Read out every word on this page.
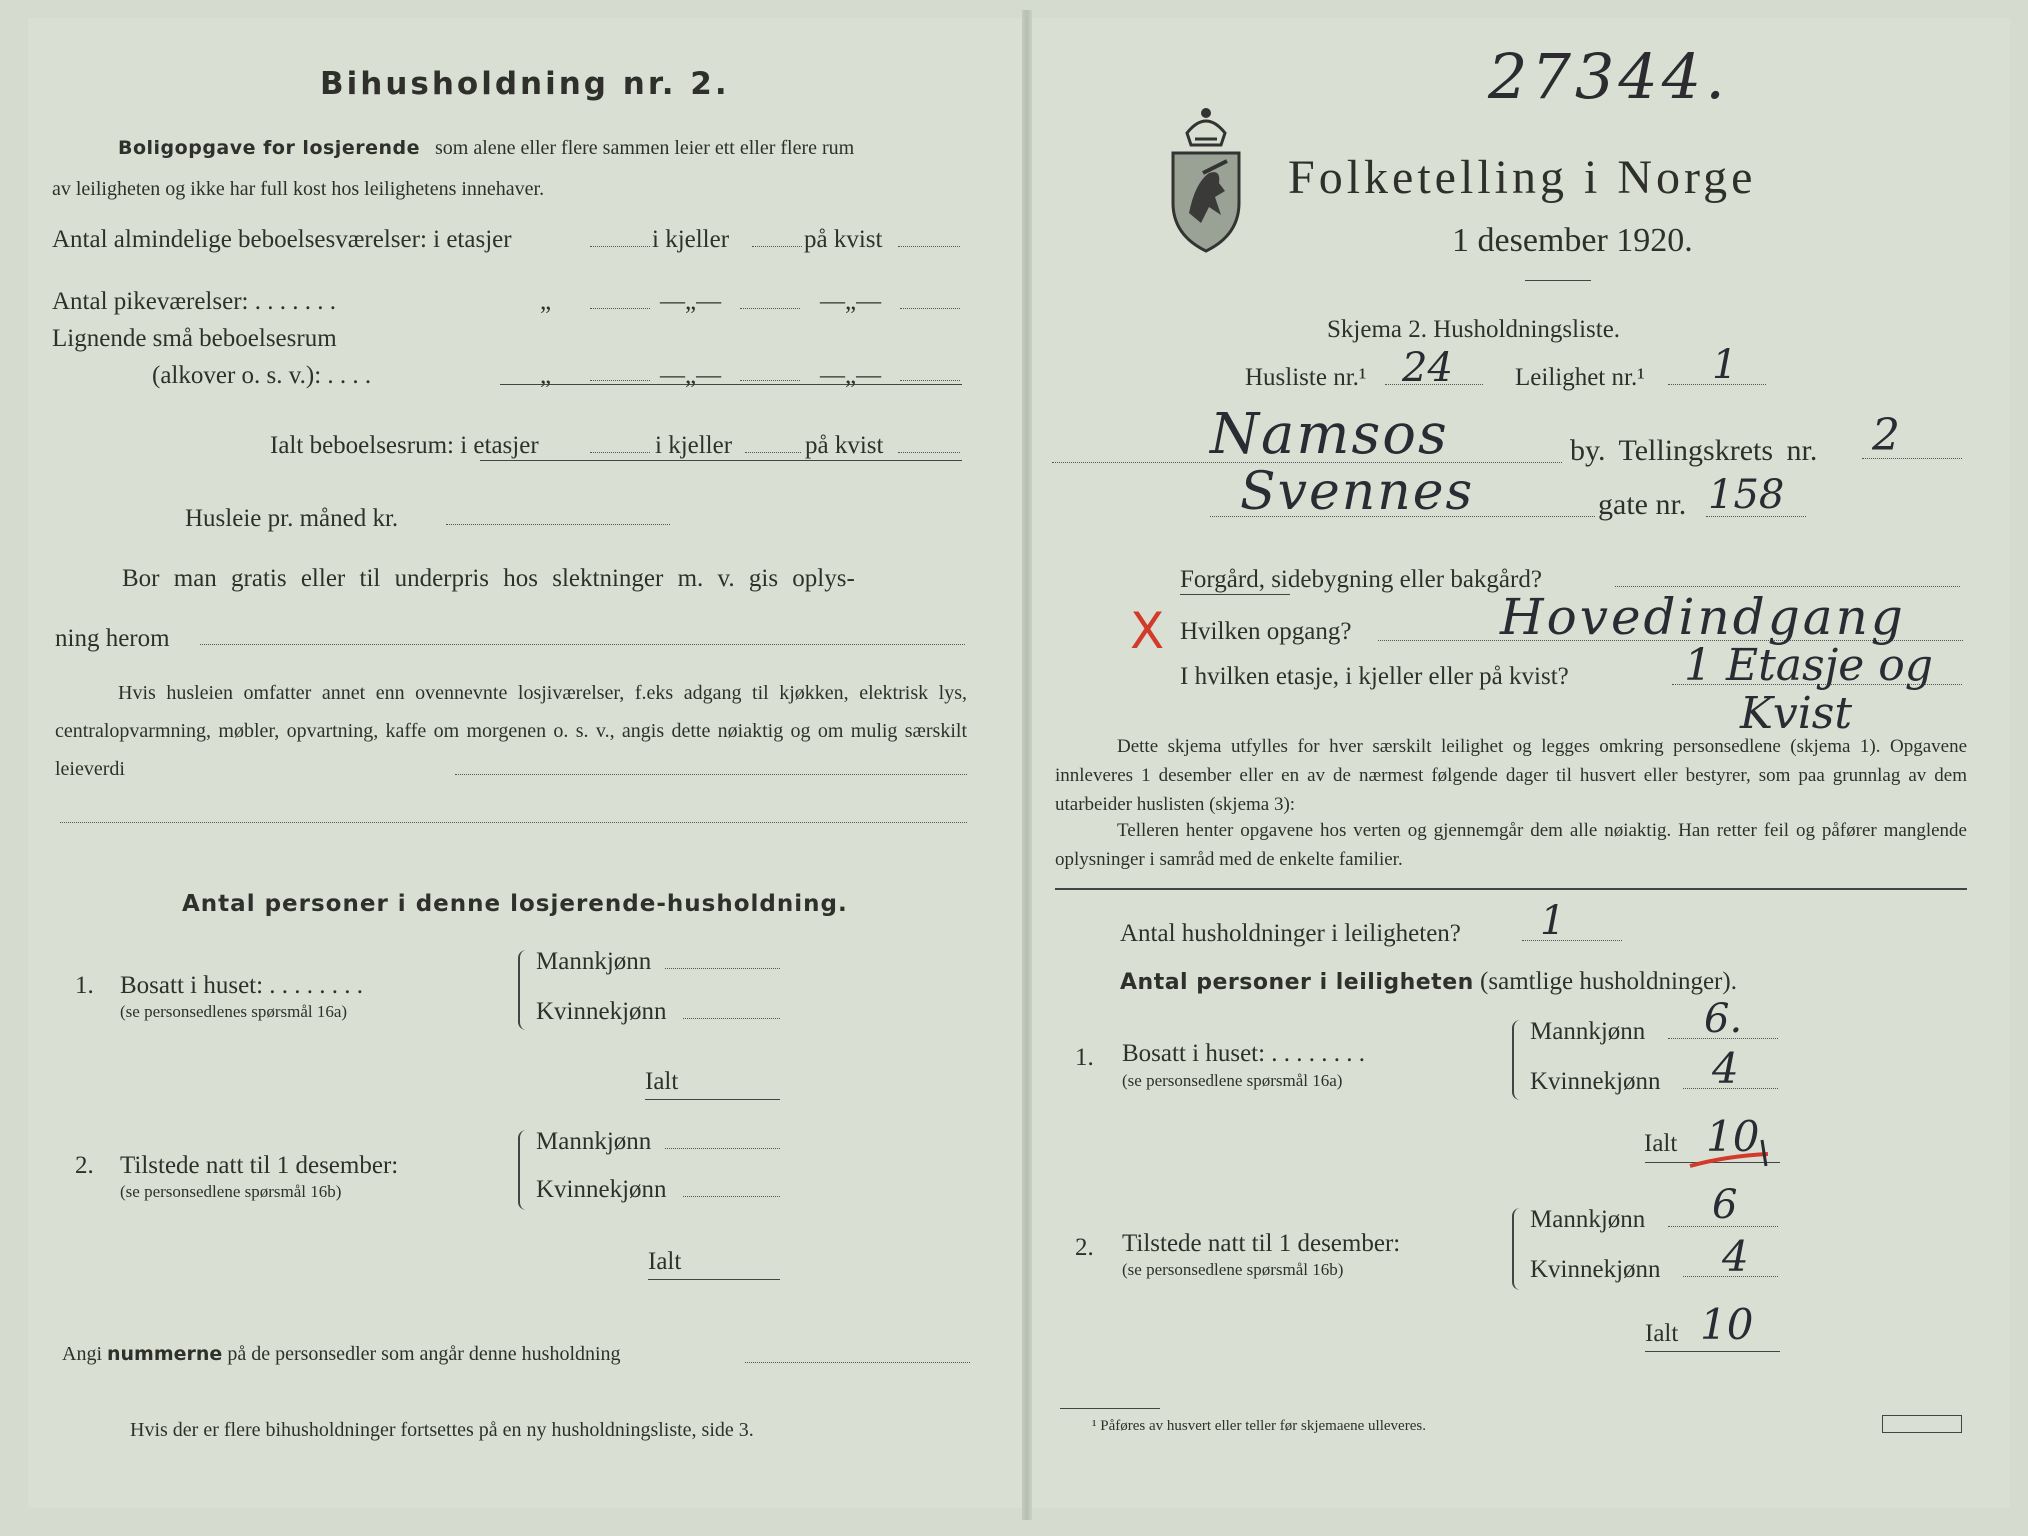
Bihusholdning nr. 2.
Boligopgave for losjerende som alene eller flere sammen leier ett eller flere rum
av leiligheten og ikke har full kost hos leilighetens innehaver.
Antal almindelige beboelsesværelser: i etasjer	i kjeller	på kvist
Antal pikeværelser: . . . . . . .	„	—„—	—„—
Lignende små beboelsesrum
(alkover o. s. v.): . . . .	„	—„—	—„—
Ialt beboelsesrum: i etasjer	i kjeller	på kvist
Husleie pr. måned kr.
Bor man gratis eller til underpris hos slektninger m. v. gis oplys-
ning herom
Hvis husleien omfatter annet enn ovennevnte losjiværelser, f.eks adgang til kjøkken, elektrisk lys, centralopvarmning, møbler, opvartning, kaffe om morgenen o. s. v., angis dette nøiaktig og om mulig særskilt leieverdi
Antal personer i denne losjerende-husholdning.
1. Bosatt i huset: . . . . . . . .
(se personsedlenes spørsmål 16a)
Mannkjønn
Kvinnekjønn
Ialt
2. Tilstede natt til 1 desember:
(se personsedlene spørsmål 16b)
Mannkjønn
Kvinnekjønn
Ialt
Angi nummerne på de personsedler som angår denne husholdning
Hvis der er flere bihusholdninger fortsettes på en ny husholdningsliste, side 3.
27344.
Folketelling i Norge
1 desember 1920.
Skjema 2. Husholdningsliste.
Husliste nr.¹ 24 Leilighet nr.¹ 1
Namsos	by. Tellingskrets nr. 2
Svennes	gate nr. 158
Forgård, sidebygning eller bakgård?
X Hvilken opgang?	Hovedindgang
I hvilken etasje, i kjeller eller på kvist?	1 Etasje og
Kvist
Dette skjema utfylles for hver særskilt leilighet og legges omkring personsedlene (skjema 1). Opgavene innleveres 1 desember eller en av de nærmest følgende dager til husvert eller bestyrer, som paa grunnlag av dem utarbeider huslisten (skjema 3):
Telleren henter opgavene hos verten og gjennemgår dem alle nøiaktig. Han retter feil og påfører manglende oplysninger i samråd med de enkelte familier.
Antal husholdninger i leiligheten? 1
Antal personer i leiligheten (samtlige husholdninger).
1. Bosatt i huset: . . . . . . . .
(se personsedlene spørsmål 16a)
Mannkjønn 6.
Kvinnekjønn 4
Ialt 10
2. Tilstede natt til 1 desember:
(se personsedlene spørsmål 16b)
Mannkjønn 6
Kvinnekjønn 4
Ialt 10
¹ Påføres av husvert eller teller før skjemaene ulleveres.
